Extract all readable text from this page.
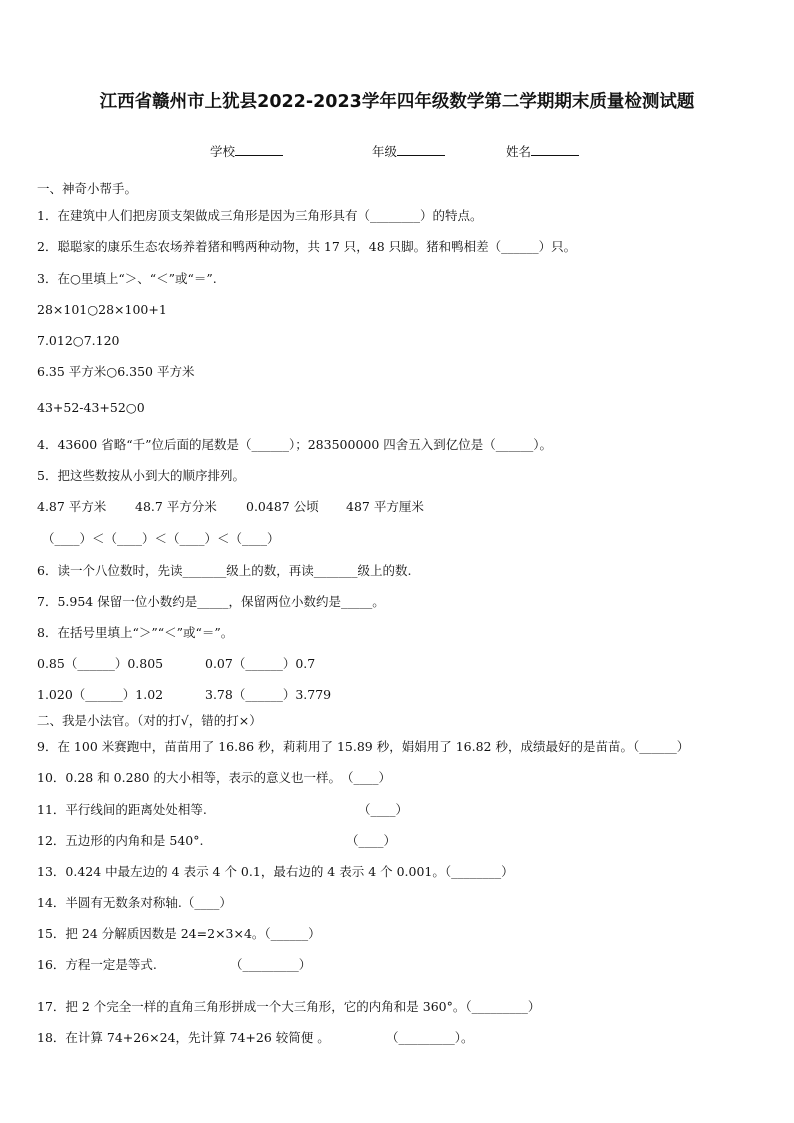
江西省赣州市上犹县2022-2023学年四年级数学第二学期期末质量检测试题
学校	年级	姓名
一、神奇小帮手。
1．在建筑中人们把房顶支架做成三角形是因为三角形具有（________）的特点。
2．聪聪家的康乐生态农场养着猪和鸭两种动物，共 17 只，48 只脚。猪和鸭相差（______）只。
3．在○里填上“＞、“＜”或“＝”.
28×101○28×100+1
7.012○7.120
6.35 平方米○6.350 平方米
43+52-43+52○0
4．43600 省略“千”位后面的尾数是（______）；283500000 四舍五入到亿位是（______）。
5．把这些数按从小到大的顺序排列。
4.87 平方米 48.7 平方分米 0.0487 公顷 487 平方厘米
（____）＜（____）＜（____）＜（____）
6．读一个八位数时，先读_______级上的数，再读_______级上的数.
7．5.954 保留一位小数约是_____，保留两位小数约是_____。
8．在括号里填上“＞”“＜”或“＝”。
0.85（______）0.805	0.07（______）0.7
1.020（______）1.02	3.78（______）3.779
二、我是小法官。（对的打√，错的打×）
9．在 100 米赛跑中，苗苗用了 16.86 秒，莉莉用了 15.89 秒，娟娟用了 16.82 秒，成绩最好的是苗苗。（______）
10．0.28 和 0.280 的大小相等，表示的意义也一样。　（____）
11．平行线间的距离处处相等.	（____）
12．五边形的内角和是 540°.	（____）
13．0.424 中最左边的 4 表示 4 个 0.1，最右边的 4 表示 4 个 0.001。（________）
14．半圆有无数条对称轴.（____）
15．把 24 分解质因数是 24=2×3×4。（______）
16．方程一定是等式.	（_________）
17．把 2 个完全一样的直角三角形拼成一个大三角形，它的内角和是 360°。（_________）
18．在计算 74+26×24，先计算 74+26 较简便 。	（_________）。
